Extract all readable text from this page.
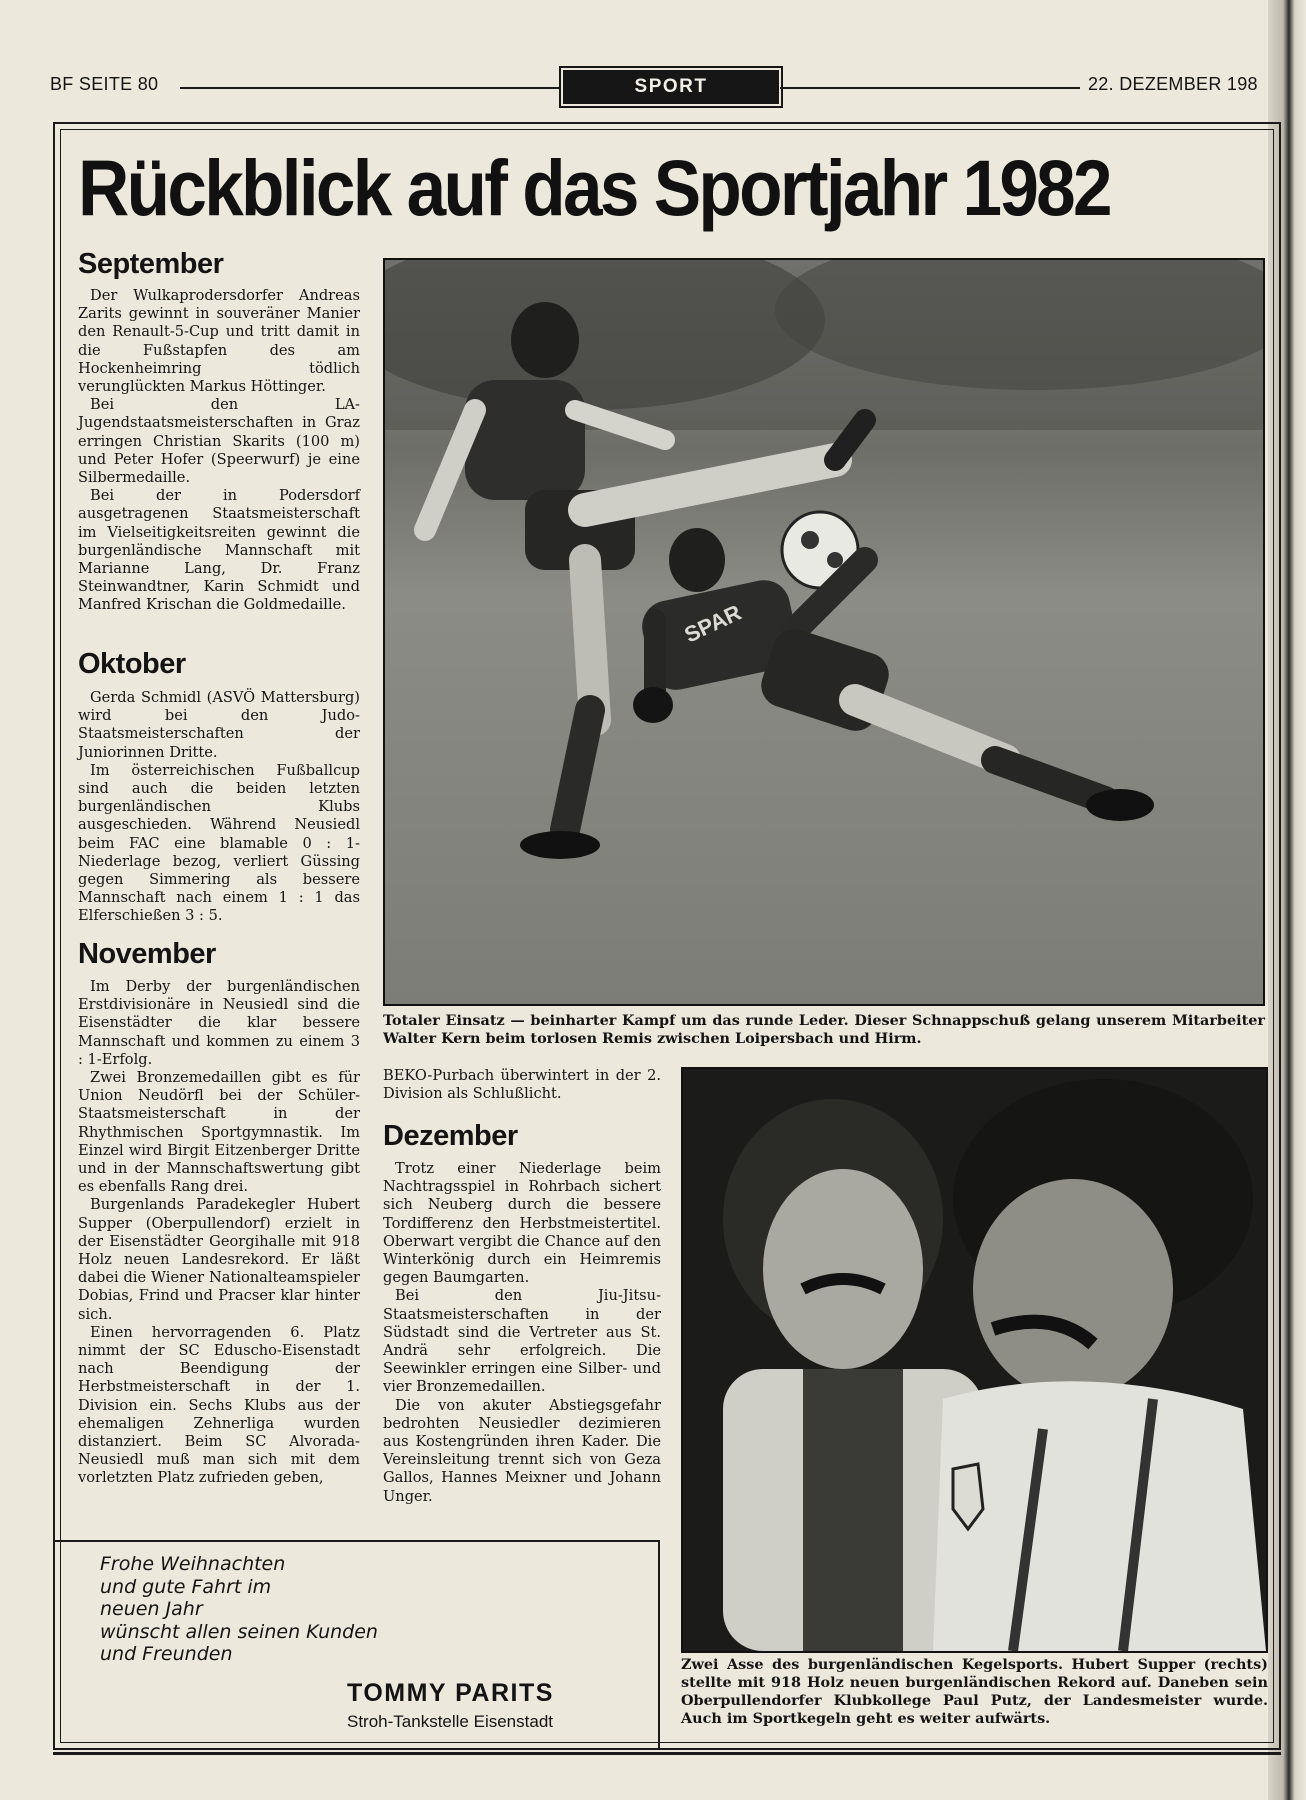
BF SEITE 80	SPORT	22. DEZEMBER 198
Rückblick auf das Sportjahr 1982
September

Der Wulkaprodersdorfer Andreas Zarits gewinnt in souveräner Manier den Renault-5-Cup und tritt damit in die Fußstapfen des am Hockenheimring tödlich verunglückten Markus Höttinger.

Bei den LA-Jugendstaatsmeisterschaften in Graz erringen Christian Skarits (100 m) und Peter Hofer (Speerwurf) je eine Silbermedaille.

Bei der in Podersdorf ausgetragenen Staatsmeisterschaft im Vielseitigkeitsreiten gewinnt die burgenländische Mannschaft mit Marianne Lang, Dr. Franz Steinwandtner, Karin Schmidt und Manfred Krischan die Goldmedaille.

Oktober

Gerda Schmidl (ASVÖ Mattersburg) wird bei den Judo-Staatsmeisterschaften der Juniorinnen Dritte.

Im österreichischen Fußballcup sind auch die beiden letzten burgenländischen Klubs ausgeschieden. Während Neusiedl beim FAC eine blamable 0 : 1-Niederlage bezog, verliert Güssing gegen Simmering als bessere Mannschaft nach einem 1 : 1 das Elferschießen 3 : 5.

November

Im Derby der burgenländischen Erstdivisionäre in Neusiedl sind die Eisenstädter die klar bessere Mannschaft und kommen zu einem 3 : 1-Erfolg.

Zwei Bronzemedaillen gibt es für Union Neudörfl bei der Schüler-Staatsmeisterschaft in der Rhythmischen Sportgymnastik. Im Einzel wird Birgit Eitzenberger Dritte und in der Mannschaftswertung gibt es ebenfalls Rang drei.

Burgenlands Paradekegler Hubert Supper (Oberpullendorf) erzielt in der Eisenstädter Georgihalle mit 918 Holz neuen Landesrekord. Er läßt dabei die Wiener Nationalteamspieler Dobias, Frind und Pracser klar hinter sich.

Einen hervorragenden 6. Platz nimmt der SC Eduscho-Eisenstadt nach Beendigung der Herbstmeisterschaft in der 1. Division ein. Sechs Klubs aus der ehemaligen Zehnerliga wurden distanziert. Beim SC Alvorada-Neusiedl muß man sich mit dem vorletzten Platz zufrieden geben,

SPAR
Totaler Einsatz — beinharter Kampf um das runde Leder. Dieser Schnappschuß gelang unserem Mitarbeiter Walter Kern beim torlosen Remis zwischen Loipersbach und Hirm.

BEKO-Purbach überwintert in der 2. Division als Schlußlicht.

Dezember

Trotz einer Niederlage beim Nachtragsspiel in Rohrbach sichert sich Neuberg durch die bessere Tordifferenz den Herbstmeistertitel. Oberwart vergibt die Chance auf den Winterkönig durch ein Heimremis gegen Baumgarten.

Bei den Jiu-Jitsu-Staatsmeisterschaften in der Südstadt sind die Vertreter aus St. Andrä sehr erfolgreich. Die Seewinkler erringen eine Silber- und vier Bronzemedaillen.

Die von akuter Abstiegsgefahr bedrohten Neusiedler dezimieren aus Kostengründen ihren Kader. Die Vereinsleitung trennt sich von Geza Gallos, Hannes Meixner und Johann Unger.

Zwei Asse des burgenländischen Kegelsports. Hubert Supper (rechts) stellte mit 918 Holz neuen burgenländischen Rekord auf. Daneben sein Oberpullendorfer Klubkollege Paul Putz, der Landesmeister wurde. Auch im Sportkegeln geht es weiter aufwärts.
Frohe Weihnachten
und gute Fahrt im
neuen Jahr
wünscht allen seinen Kunden
und Freunden
TOMMY PARITS
Stroh-Tankstelle Eisenstadt
